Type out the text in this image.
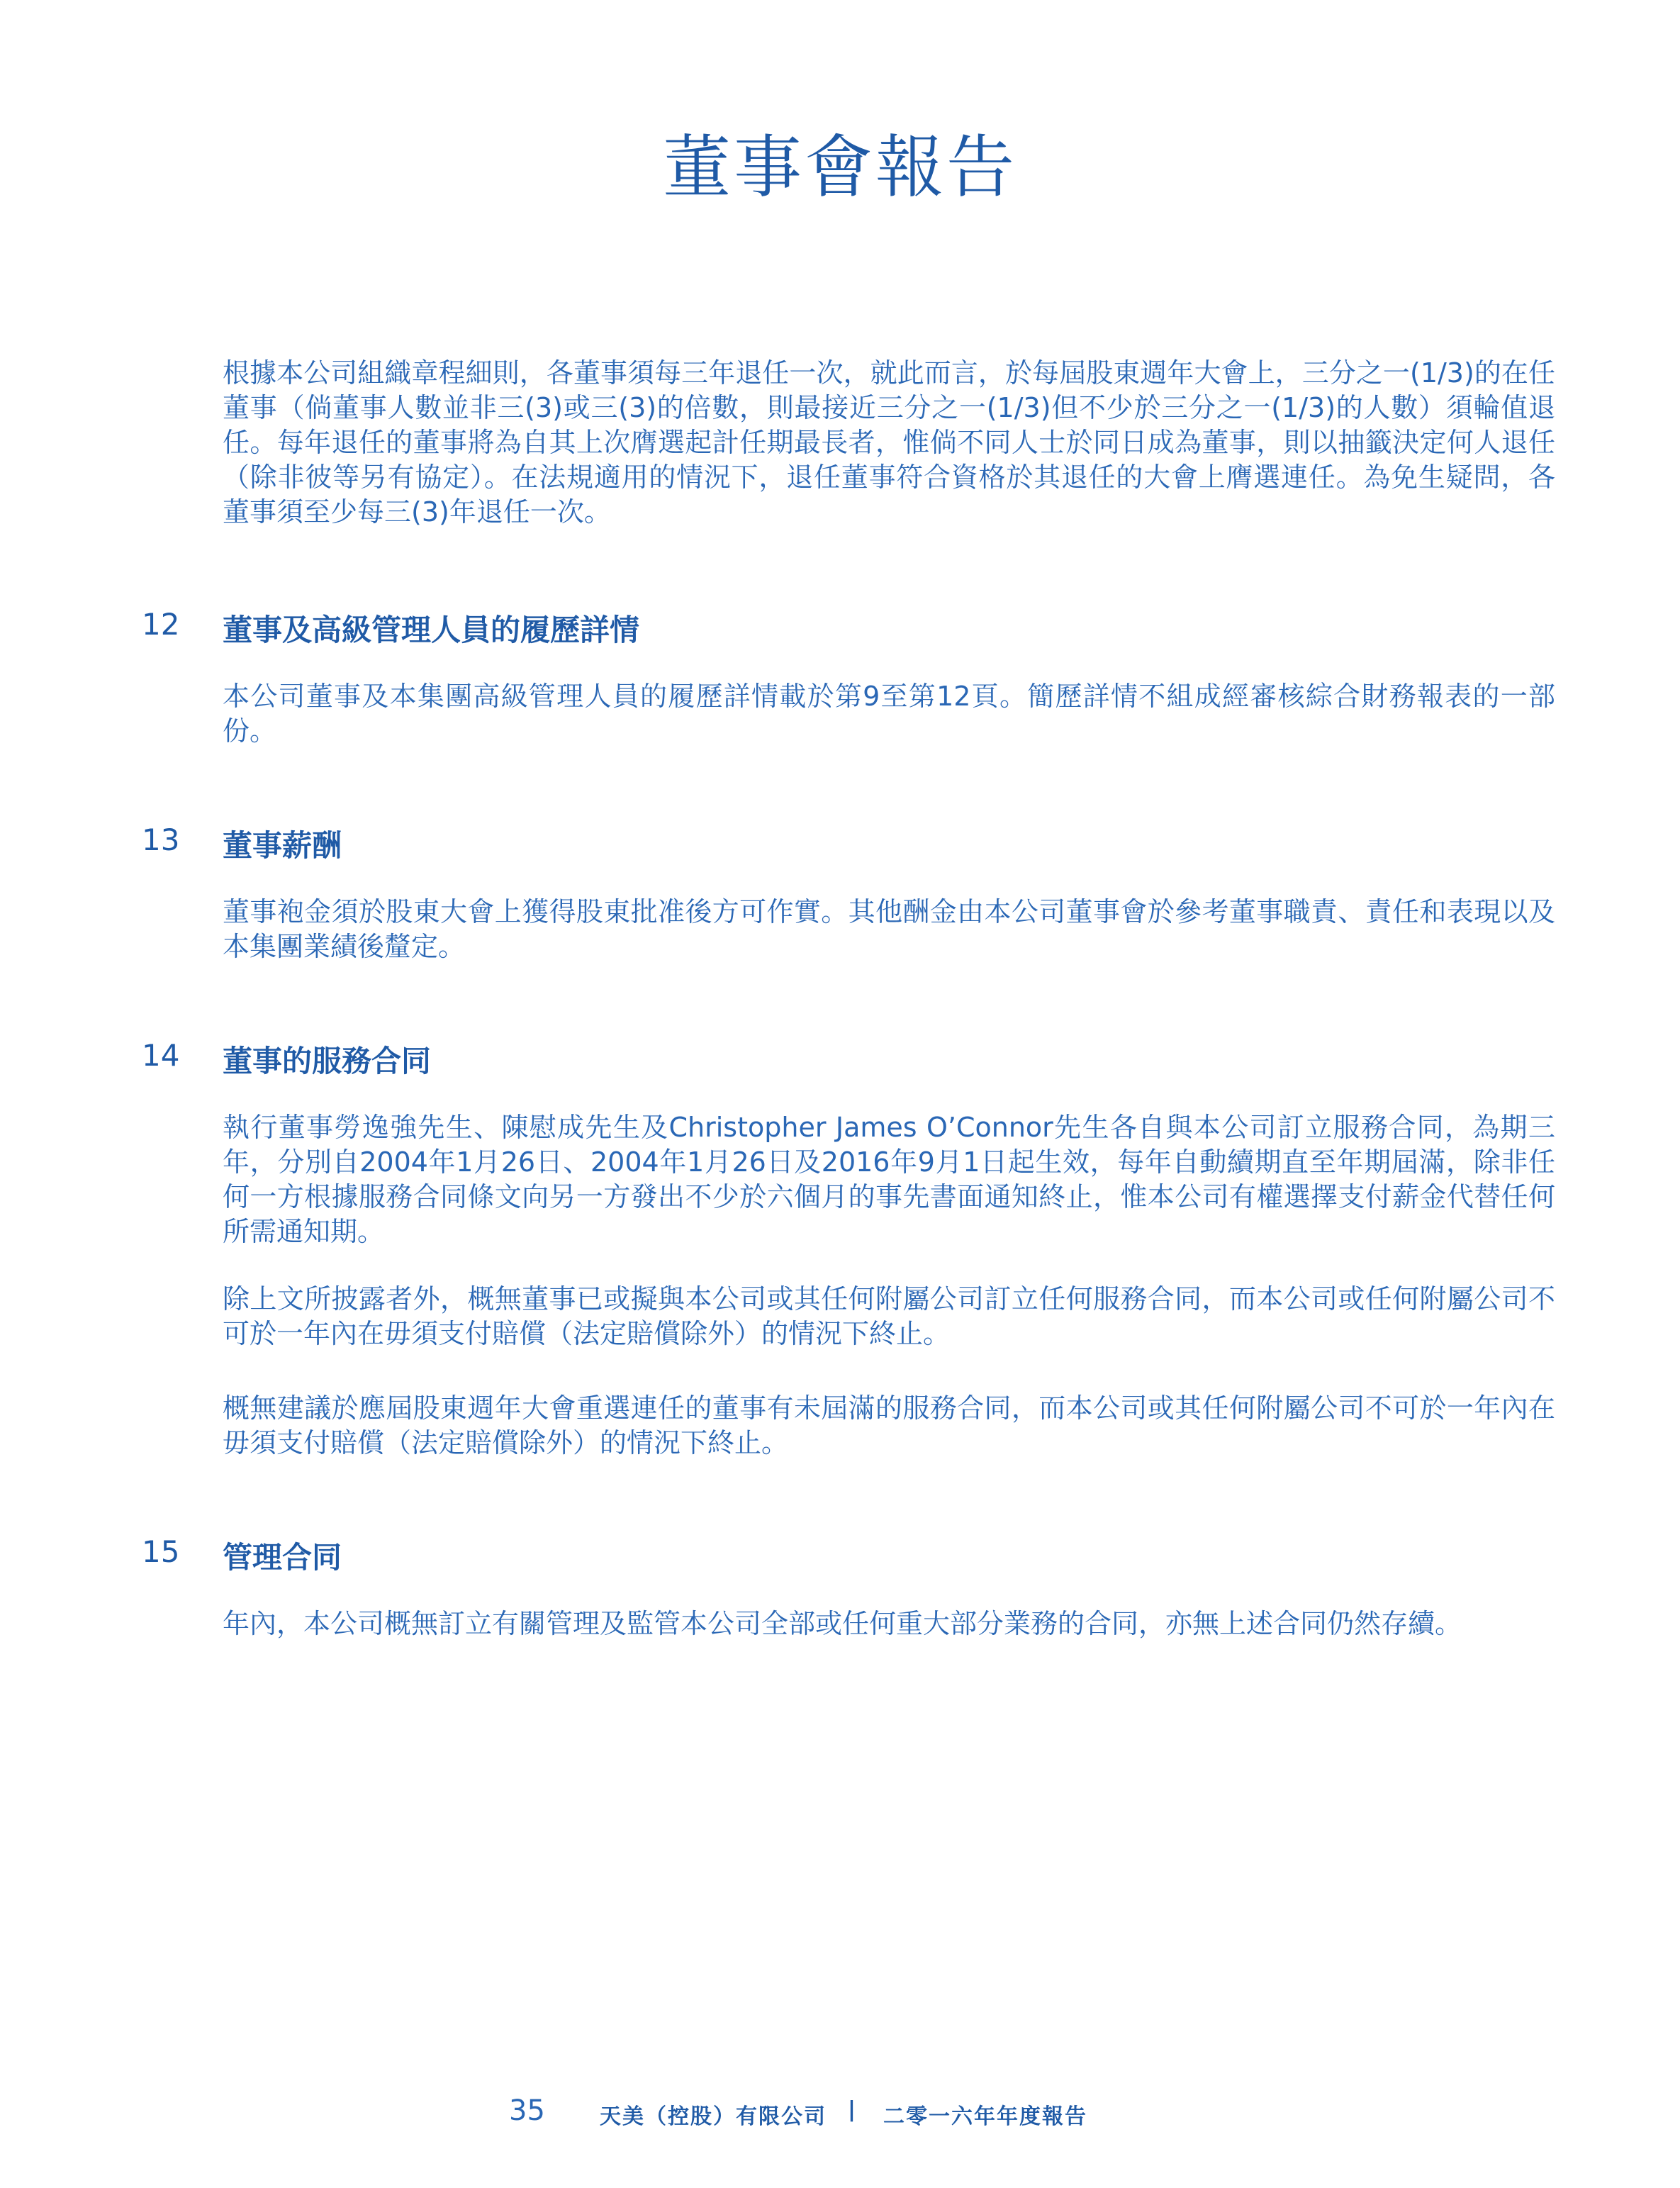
董事會報告

根據本公司組織章程細則，各董事須每三年退任一次，就此而言，於每屆股東週年大會上，三分之一(1/3)的在任董事（倘董事人數並非三(3)或三(3)的倍數，則最接近三分之一(1/3)但不少於三分之一(1/3)的人數）須輪值退任。每年退任的董事將為自其上次膺選起計任期最長者，惟倘不同人士於同日成為董事，則以抽籤決定何人退任（除非彼等另有協定）。在法規適用的情況下，退任董事符合資格於其退任的大會上膺選連任。為免生疑問，各董事須至少每三(3)年退任一次。

12	董事及高級管理人員的履歷詳情

本公司董事及本集團高級管理人員的履歷詳情載於第9至第12頁。簡歷詳情不組成經審核綜合財務報表的一部份。

13	董事薪酬

董事袍金須於股東大會上獲得股東批准後方可作實。其他酬金由本公司董事會於參考董事職責、責任和表現以及本集團業績後釐定。

14	董事的服務合同

執行董事勞逸強先生、陳慰成先生及Christopher James O’Connor先生各自與本公司訂立服務合同，為期三年，分別自2004年1月26日、2004年1月26日及2016年9月1日起生效，每年自動續期直至年期屆滿，除非任何一方根據服務合同條文向另一方發出不少於六個月的事先書面通知終止，惟本公司有權選擇支付薪金代替任何所需通知期。

除上文所披露者外，概無董事已或擬與本公司或其任何附屬公司訂立任何服務合同，而本公司或任何附屬公司不可於一年內在毋須支付賠償（法定賠償除外）的情況下終止。

概無建議於應屆股東週年大會重選連任的董事有未屆滿的服務合同，而本公司或其任何附屬公司不可於一年內在毋須支付賠償（法定賠償除外）的情況下終止。

15	管理合同

年內，本公司概無訂立有關管理及監管本公司全部或任何重大部分業務的合同，亦無上述合同仍然存續。

35	天美（控股）有限公司 | 二零一六年年度報告
